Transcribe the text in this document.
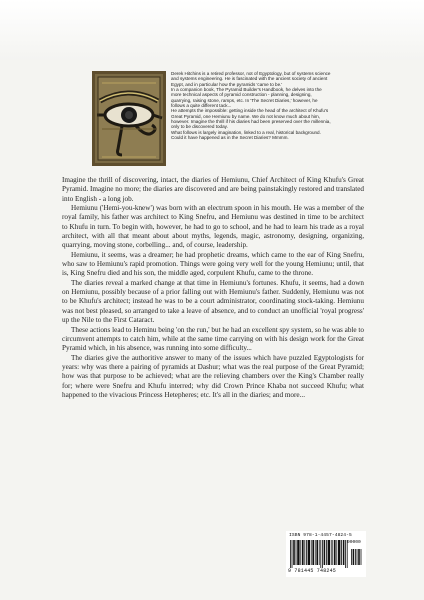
Derek Hitchins is a retired professor, not of Egyptology, but of systems science and systems engineering. He is fascinated with the ancient society of ancient Egypt, and in particular how the pyramids 'came to be.'

In a companion book, The Pyramid Builder's Handbook, he delves into the more technical aspects of pyramid construction - planning, designing, quarrying, raising stone, ramps, etc. In 'The Secret Diaries,' however, he follows a quite different tack...

He attempts the impossible: getting inside the head of the architect of Khufu's Great Pyramid, one Hemiunu by name. We do not know much about him, however. Imagine the thrill if his diaries had been preserved over the millennia, only to be discovered today.

What follows is largely imagination, linked to a real, historical background. Could it have happened as in the Secret Diaries? Mmmm.

Imagine the thrill of discovering, intact, the diaries of Hemiunu, Chief Architect of King Khufu's Great Pyramid. Imagine no more; the diaries are discovered and are being painstakingly restored and translated into English - a long job.

Hemiunu ('Hemi-you-knew') was born with an electrum spoon in his mouth. He was a member of the royal family, his father was architect to King Snefru, and Hemiunu was destined in time to be architect to Khufu in turn. To begin with, however, he had to go to school, and he had to learn his trade as a royal architect, with all that meant about about myths, legends, magic, astronomy, designing, organizing, quarrying, moving stone, corbelling... and, of course, leadership.

Hemiunu, it seems, was a dreamer; he had prophetic dreams, which came to the ear of King Snefru, who saw to Hemiunu's rapid promotion. Things were going very well for the young Hemiunu; until, that is, King Snefru died and his son, the middle aged, corpulent Khufu, came to the throne.

The diaries reveal a marked change at that time in Hemiunu's fortunes. Khufu, it seems, had a down on Hemiunu, possibly because of a prior falling out with Hemiunu's father. Suddenly, Hemiunu was not to be Khufu's architect; instead he was to be a court administrator, coordinating stock-taking. Hemiunu was not best pleased, so arranged to take a leave of absence, and to conduct an unofficial 'royal progress' up the Nile to the First Cataract.

These actions lead to Heminu being 'on the run,' but he had an excellent spy system, so he was able to circumvent attempts to catch him, while at the same time carrying on with his design work for the Great Pyramid which, in his absence, was running into some difficulty...

The diaries give the authoritive answer to many of the issues which have puzzled Egyptologists for years: why was there a pairing of pyramids at Dashur; what was the real purpose of the Great Pyramid; how was that purpose to be achieved; what are the relieving chambers over the King's Chamber really for; where were Snefru and Khufu interred; why did Crown Prince Khaba not succeed Khufu; what happened to the vivacious Princess Hetepheres; etc. It's all in the diaries; and more...

ISBN 978-1-4457-4824-5
90000
9 781445 748245
